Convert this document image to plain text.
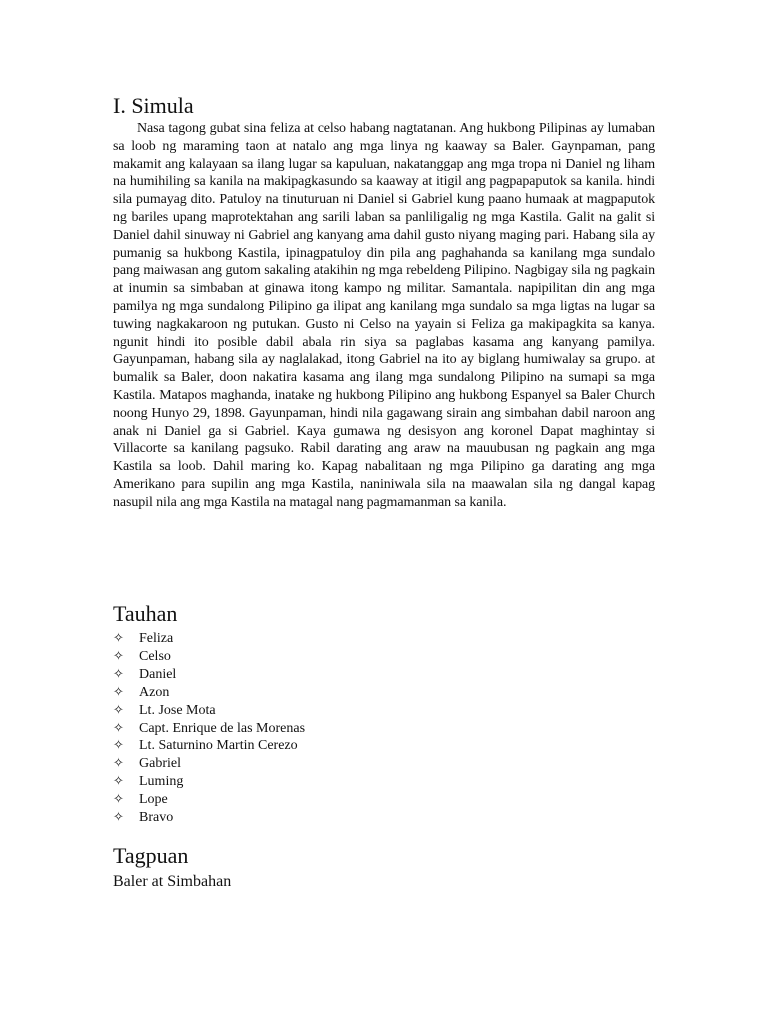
I. Simula

Nasa tagong gubat sina feliza at celso habang nagtatanan. Ang hukbong Pilipinas ay lumaban sa loob ng maraming taon at natalo ang mga linya ng kaaway sa Baler. Gaynpaman, pang makamit ang kalayaan sa ilang lugar sa kapuluan, nakatanggap ang mga tropa ni Daniel ng liham na humihiling sa kanila na makipagkasundo sa kaaway at itigil ang pagpapaputok sa kanila. hindi sila pumayag dito. Patuloy na tinuturuan ni Daniel si Gabriel kung paano humaak at magpaputok ng bariles upang maprotektahan ang sarili laban sa panliligalig ng mga Kastila. Galit na galit si Daniel dahil sinuway ni Gabriel ang kanyang ama dahil gusto niyang maging pari. Habang sila ay pumanig sa hukbong Kastila, ipinagpatuloy din pila ang paghahanda sa kanilang mga sundalo pang maiwasan ang gutom sakaling atakihin ng mga rebeldeng Pilipino. Nagbigay sila ng pagkain at inumin sa simbaban at ginawa itong kampo ng militar. Samantala. napipilitan din ang mga pamilya ng mga sundalong Pilipino ga ilipat ang kanilang mga sundalo sa mga ligtas na lugar sa tuwing nagkakaroon ng putukan. Gusto ni Celso na yayain si Feliza ga makipagkita sa kanya. ngunit hindi ito posible dabil abala rin siya sa paglabas kasama ang kanyang pamilya. Gayunpaman, habang sila ay naglalakad, itong Gabriel na ito ay biglang humiwalay sa grupo. at bumalik sa Baler, doon nakatira kasama ang ilang mga sundalong Pilipino na sumapi sa mga Kastila. Matapos maghanda, inatake ng hukbong Pilipino ang hukbong Espanyel sa Baler Church noong Hunyo 29, 1898. Gayunpaman, hindi nila gagawang sirain ang simbahan dabil naroon ang anak ni Daniel ga si Gabriel. Kaya gumawa ng desisyon ang koronel Dapat maghintay si Villacorte sa kanilang pagsuko. Rabil darating ang araw na mauubusan ng pagkain ang mga Kastila sa loob. Dahil maring ko. Kapag nabalitaan ng mga Pilipino ga darating ang mga Amerikano para supilin ang mga Kastila, naniniwala sila na maawalan sila ng dangal kapag nasupil nila ang mga Kastila na matagal nang pagmamanman sa kanila.

Tauhan
✧	Feliza
✧	Celso
✧	Daniel
✧	Azon
✧	Lt. Jose Mota
✧	Capt. Enrique de las Morenas
✧	Lt. Saturnino Martin Cerezo
✧	Gabriel
✧	Luming
✧	Lope
✧	Bravo
Tagpuan

Baler at Simbahan
